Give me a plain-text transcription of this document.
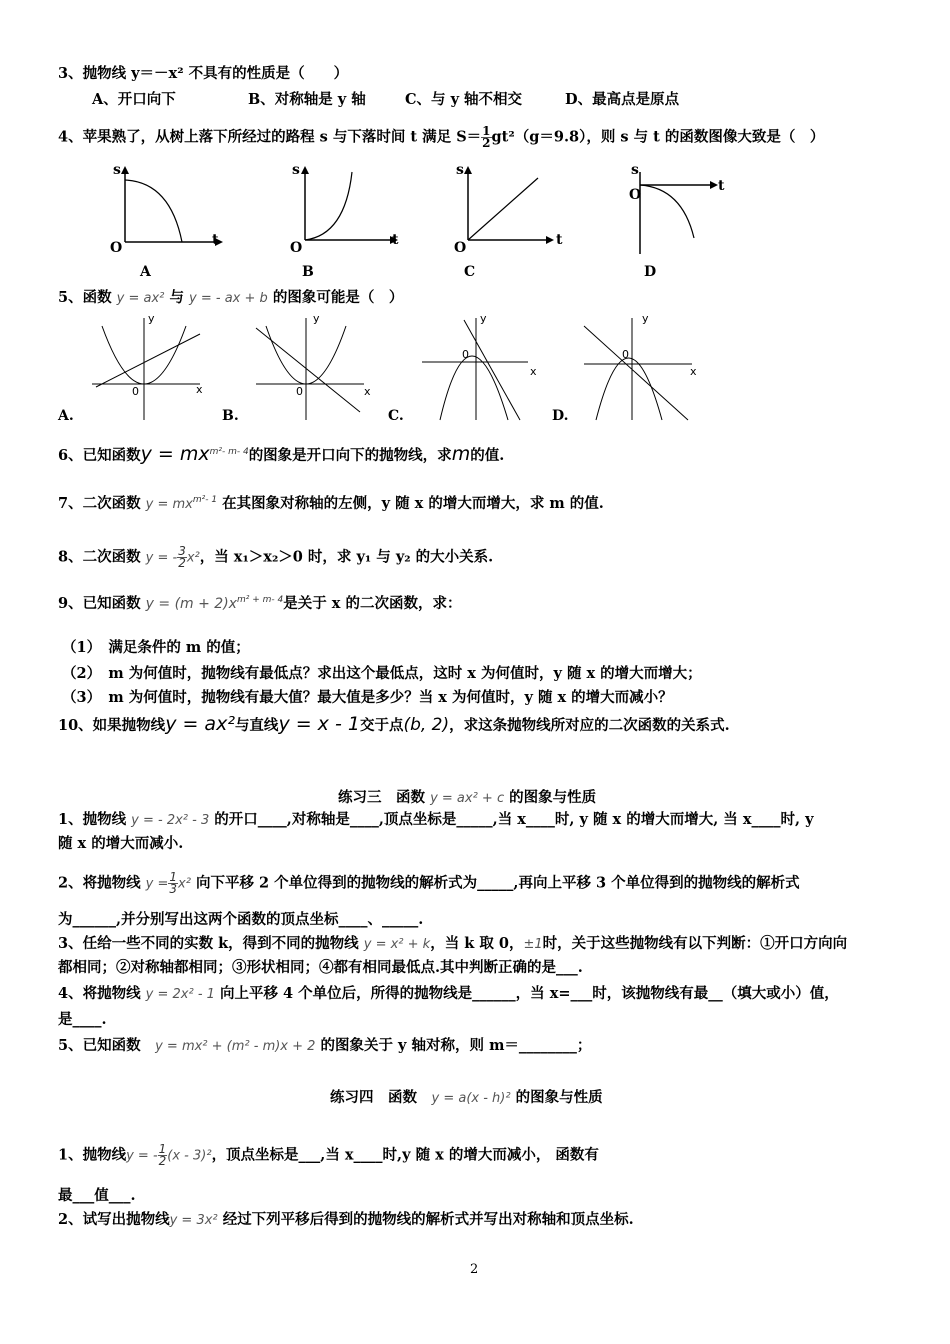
3、抛物线 y＝－x² 不具有的性质是（　　）
A、开口向下	B、对称轴是 y 轴	C、与 y 轴不相交	D、最高点是原点
4、苹果熟了，从树上落下所经过的路程 s 与下落时间 t 满足 $S= \frac{1}{2} gt^2(g=9.8)$，则 s 与 t 的函数图像大致是（　）
s
O	t
A
s
O	t
B
s
O	t
C
s
O
t
D
5、函数 y = ax² 与 y = - ax + b 的图象可能是（　）
y
x
0
A.
y
x
0
B.
y
x
0
C.
y
x
0
D.
6、已知函数$y = mx^{m^2- m- 4}$的图象是开口向下的抛物线，求m的值.
7、二次函数 $y = mx^{m^2- 1}$ 在其图象对称轴的左侧，y 随 x 的增大而增大，求 m 的值.
8、二次函数 y = - $\frac{3}{2} x^2$，当 x₁＞x₂＞0 时，求 y₁ 与 y₂ 的大小关系.
9、已知函数 $y = (m + 2)x^{m^2 + m- 4}$是关于 x 的二次函数，求：
（1）　满足条件的 m 的值；
（2）　m 为何值时，抛物线有最低点？求出这个最低点，这时 x 为何值时，y 随 x 的增大而增大；
（3）　m 为何值时，抛物线有最大值？最大值是多少？当 x 为何值时，y 随 x 的增大而减小？
10、如果抛物线y = ax²与直线y = x - 1交于点(b, 2)，求这条抛物线所对应的二次函数的关系式.
练习三　函数 y = ax² + c 的图象与性质
1、抛物线 y = - 2x² - 3 的开口____,对称轴是____,顶点坐标是_____,当 x____时, y 随 x 的增大而增大, 当 x____时, y
随 x 的增大而减小.
2、将抛物线 $y = \frac{1}{3} x^2$ 向下平移 2 个单位得到的抛物线的解析式为_____,再向上平移 3 个单位得到的抛物线的解析式
为______,并分别写出这两个函数的顶点坐标____、_____.
3、任给一些不同的实数 k，得到不同的抛物线 y = x² + k，当 k 取 0，±1时，关于这些抛物线有以下判断：①开口方向向
都相同；②对称轴都相同；③形状相同；④都有相同最低点.其中判断正确的是___.
4、将抛物线 y = 2x² - 1 向上平移 4 个单位后，所得的抛物线是______，当 x=___时，该抛物线有最__（填大或小）值，
是____.
5、已知函数　 y = mx² + (m² - m)x + 2 的图象关于 y 轴对称，则 m＝________；
练习四　函数　 y = a(x - h)² 的图象与性质
1、抛物线y = - $\frac{1}{2} (x - 3)^2$，顶点坐标是___,当 x____时,y 随 x 的增大而减小， 函数有
最___值___.
2、试写出抛物线y = 3x² 经过下列平移后得到的抛物线的解析式并写出对称轴和顶点坐标.
2
